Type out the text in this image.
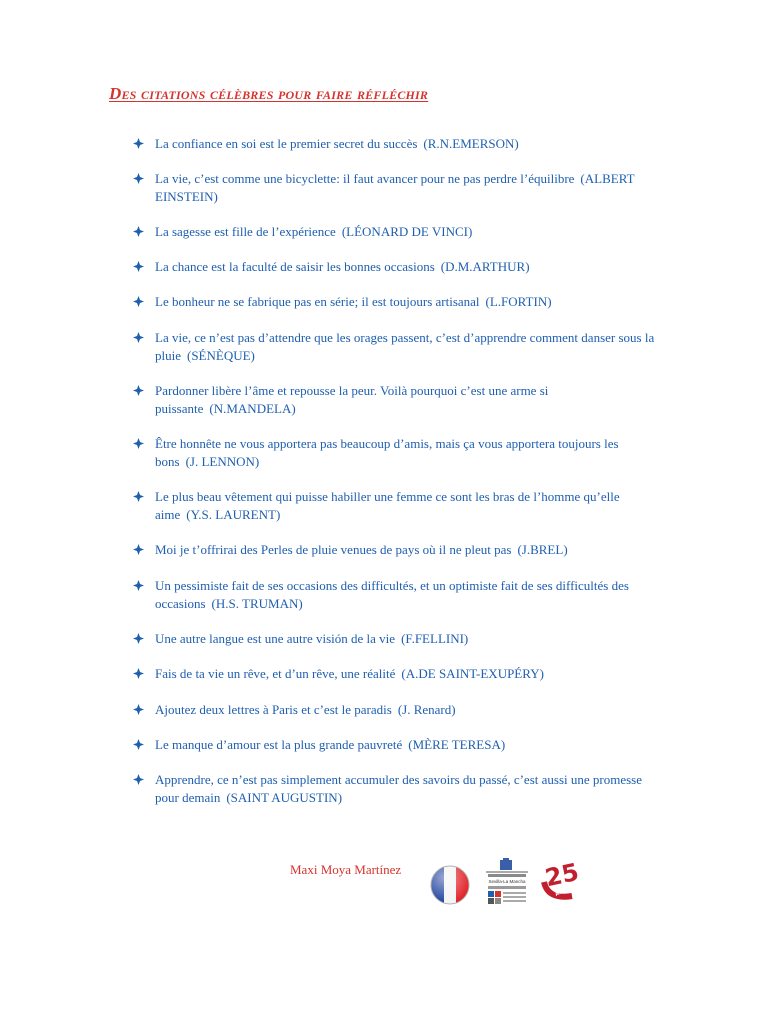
Des citations célèbres pour faire réfléchir
La confiance en soi est le premier secret du succès (R.N.EMERSON)
La vie, c’est comme une bicyclette: il faut avancer pour ne pas perdre l’équilibre (ALBERT EINSTEIN)
La sagesse est fille de l’expérience (LÉONARD DE VINCI)
La chance est la faculté de saisir les bonnes occasions (D.M.ARTHUR)
Le bonheur ne se fabrique pas en série; il est toujours artisanal (L.FORTIN)
La vie, ce n’est pas d’attendre que les orages passent, c’est d’apprendre comment danser sous la pluie (SÉNÈQUE)
Pardonner libère l’âme et repousse la peur. Voilà pourquoi c’est une arme si puissante (N.MANDELA)
Être honnête ne vous apportera pas beaucoup d’amis, mais ça vous apportera toujours les bons (J. LENNON)
Le plus beau vêtement qui puisse habiller une femme ce sont les bras de l’homme qu’elle aime (Y.S. LAURENT)
Moi je t’offrirai des Perles de pluie venues de pays où il ne pleut pas (J.BREL)
Un pessimiste fait de ses occasions des difficultés, et un optimiste fait de ses difficultés des occasions (H.S. TRUMAN)
Une autre langue est une autre visión de la vie (F.FELLINI)
Fais de ta vie un rêve, et d’un rêve, une réalité (A.DE SAINT-EXUPÉRY)
Ajoutez deux lettres à Paris et c’est le paradis (J. Renard)
Le manque d’amour est la plus grande pauvreté (MÈRE TERESA)
Apprendre, ce n’est pas simplement accumuler des savoirs du passé, c’est aussi une promesse pour demain (SAINT AUGUSTIN)
Maxi Moya Martínez
Sevilla-La Mancha 25
ANIVERSARIO
